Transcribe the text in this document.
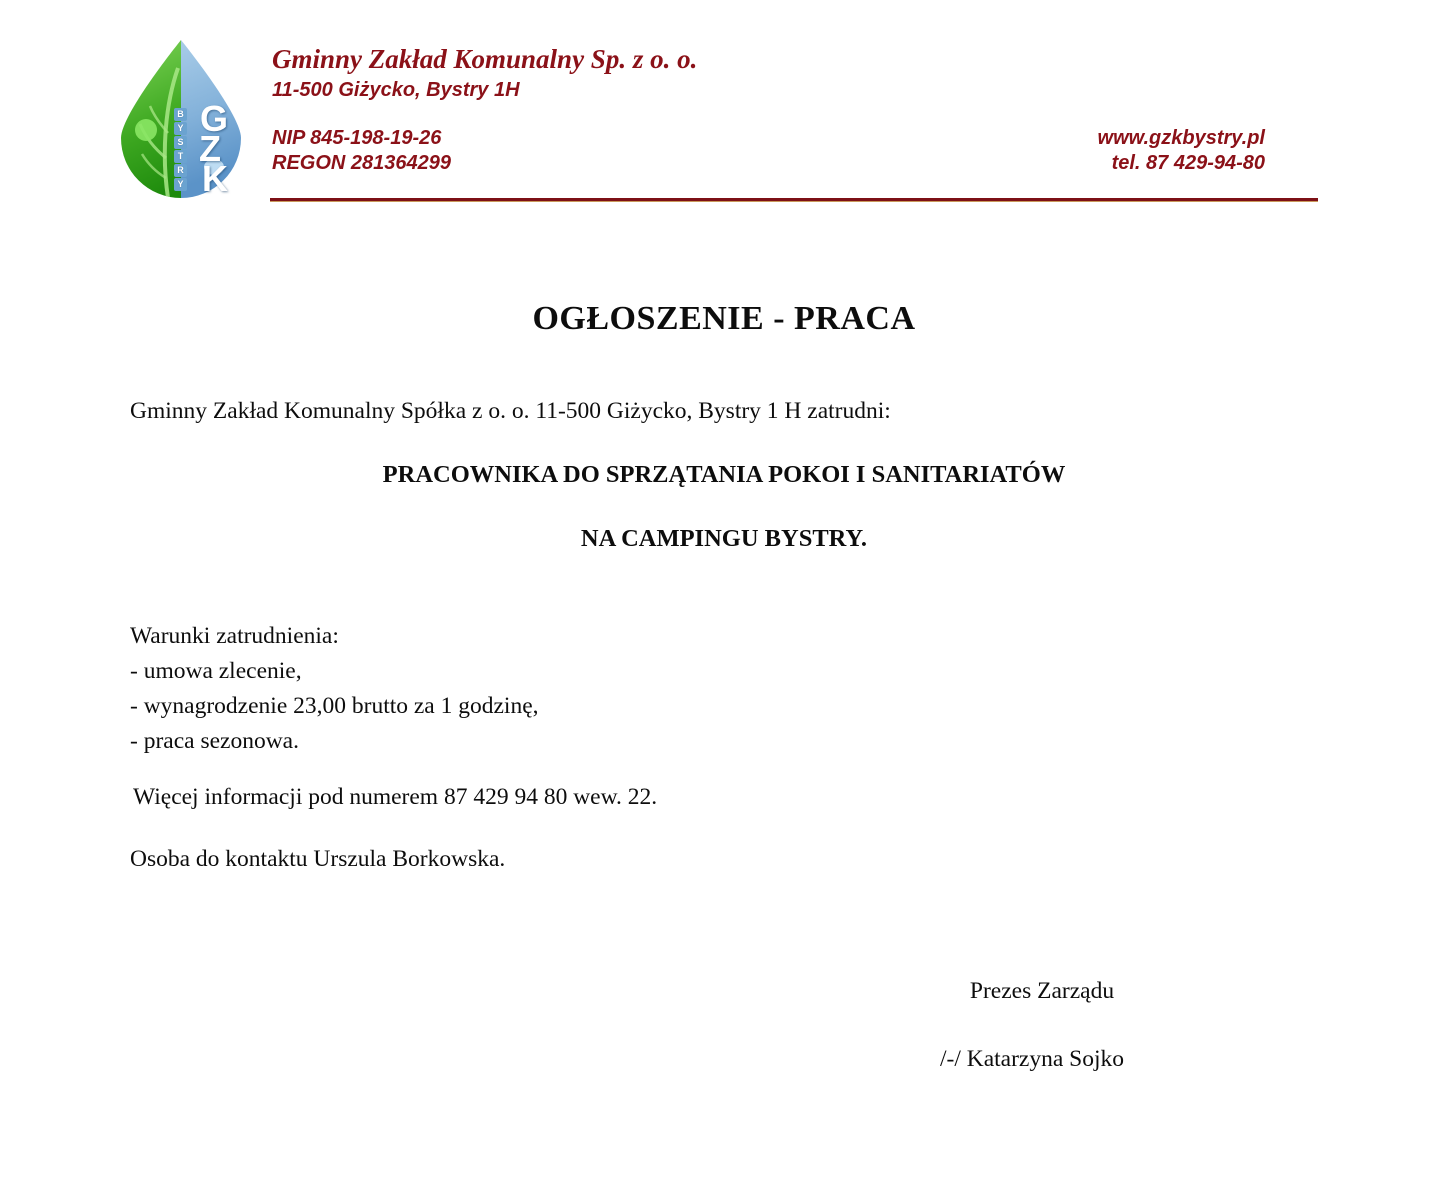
B
Y
S
T
R
Y
G
Z
K
Gminny Zakład Komunalny Sp. z o. o.
11-500 Giżycko, Bystry 1H
NIP 845-198-19-26
REGON 281364299
www.gzkbystry.pl
tel. 87 429-94-80
OGŁOSZENIE - PRACA
Gminny Zakład Komunalny Spółka z o. o. 11-500 Giżycko, Bystry 1 H zatrudni:
PRACOWNIKA DO SPRZĄTANIA POKOI I SANITARIATÓW
NA CAMPINGU BYSTRY.
Warunki zatrudnienia:
- umowa zlecenie,
- wynagrodzenie 23,00 brutto za 1 godzinę,
- praca sezonowa.
Więcej informacji pod numerem 87 429 94 80 wew. 22.
Osoba do kontaktu Urszula Borkowska.
Prezes Zarządu
/-/ Katarzyna Sojko
